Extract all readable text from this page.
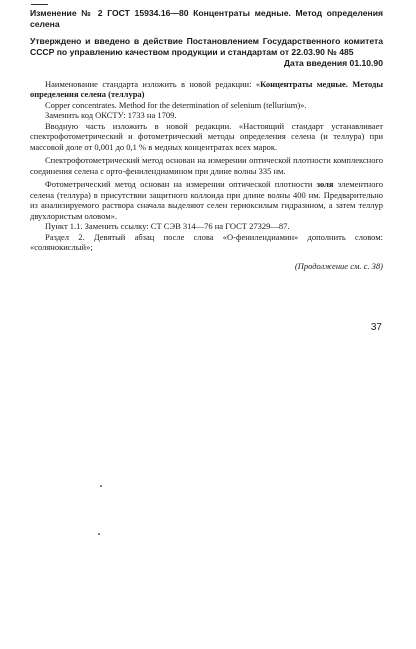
Изменение № 2 ГОСТ 15934.16—80 Концентраты медные. Метод определения селена

Утверждено и введено в действие Постановлением Государственного комитета СССР по управлению качеством продукции и стандартам от 22.03.90 № 485

Дата введения 01.10.90

Наименование стандарта изложить в новой редакции: «Концентраты медные. Методы определения селена (теллура)

Copper concentrates. Method for the determination of selenium (tellurium)».

Заменить код ОКСТУ: 1733 на 1709.

Вводную часть изложить в новой редакции. «Настоящий стандарт устанавливает спектрофотометрический и фотометрический методы определения селена (и теллура) при массовой доле от 0,001 до 0,1 % в медных концентратах всех марок.

Спектрофотометрический метод основан на измерении оптической плотности комплексного соединения селена с орто-фенилендиамином при длине волны 335 нм.

Фотометрический метод основан на измерении оптической плотности золя элементного селена (теллура) в присутствии защитного коллоида при длине волны 400 нм. Предварительно из анализируемого раствора сначала выделяют селен гериоксилым гидразином, а затем теллур двухлористым оловом».

Пункт 1.1. Заменить ссылку: СТ СЭВ 314—76 на ГОСТ 27329—87.

Раздел 2. Девятый абзац после слова «О-фенилендиамин» дополнить словом: «солянокислый»;

(Продолжение см. с. 38)

37
